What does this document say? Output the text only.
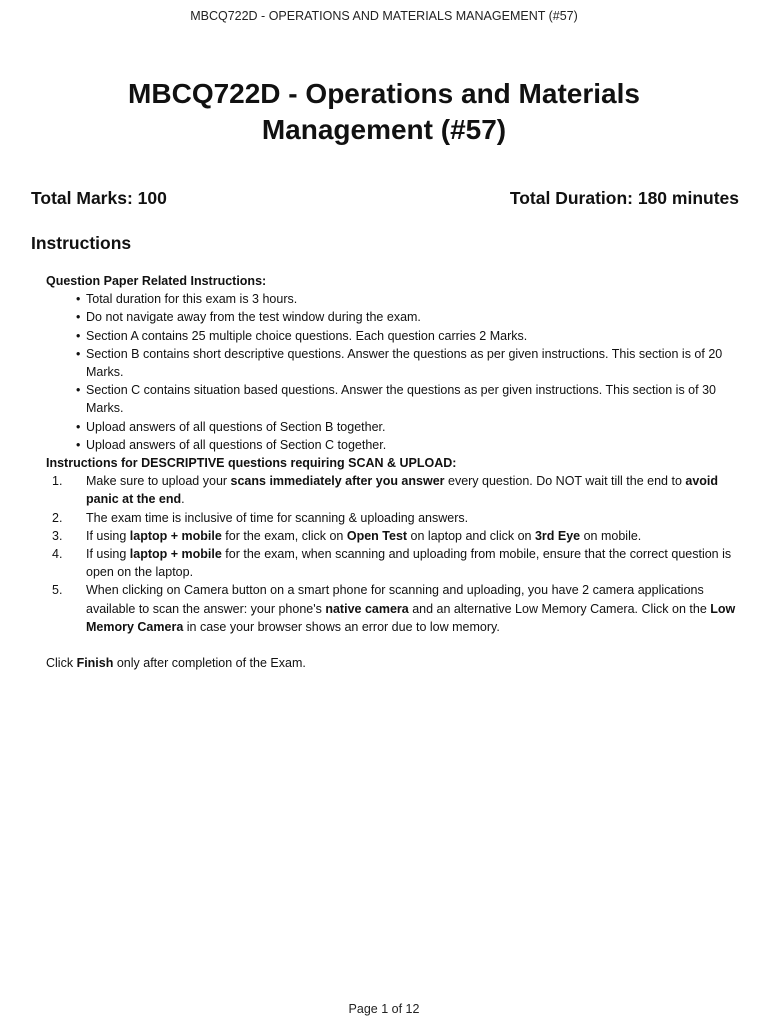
MBCQ722D - OPERATIONS AND MATERIALS MANAGEMENT (#57)
MBCQ722D - Operations and Materials Management (#57)
Total Marks: 100	Total Duration: 180 minutes
Instructions
Question Paper Related Instructions:
• Total duration for this exam is 3 hours.
• Do not navigate away from the test window during the exam.
• Section A contains 25 multiple choice questions. Each question carries 2 Marks.
• Section B contains short descriptive questions. Answer the questions as per given instructions. This section is of 20 Marks.
• Section C contains situation based questions. Answer the questions as per given instructions. This section is of 30 Marks.
• Upload answers of all questions of Section B together.
• Upload answers of all questions of Section C together.
Instructions for DESCRIPTIVE questions requiring SCAN & UPLOAD:
1.	Make sure to upload your scans immediately after you answer every question. Do NOT wait till the end to avoid panic at the end.
2.	The exam time is inclusive of time for scanning & uploading answers.
3.	If using laptop + mobile for the exam, click on Open Test on laptop and click on 3rd Eye on mobile.
4.	If using laptop + mobile for the exam, when scanning and uploading from mobile, ensure that the correct question is open on the laptop.
5.	When clicking on Camera button on a smart phone for scanning and uploading, you have 2 camera applications available to scan the answer: your phone's native camera and an alternative Low Memory Camera. Click on the Low Memory Camera in case your browser shows an error due to low memory.
Click Finish only after completion of the Exam.
Page 1 of 12
